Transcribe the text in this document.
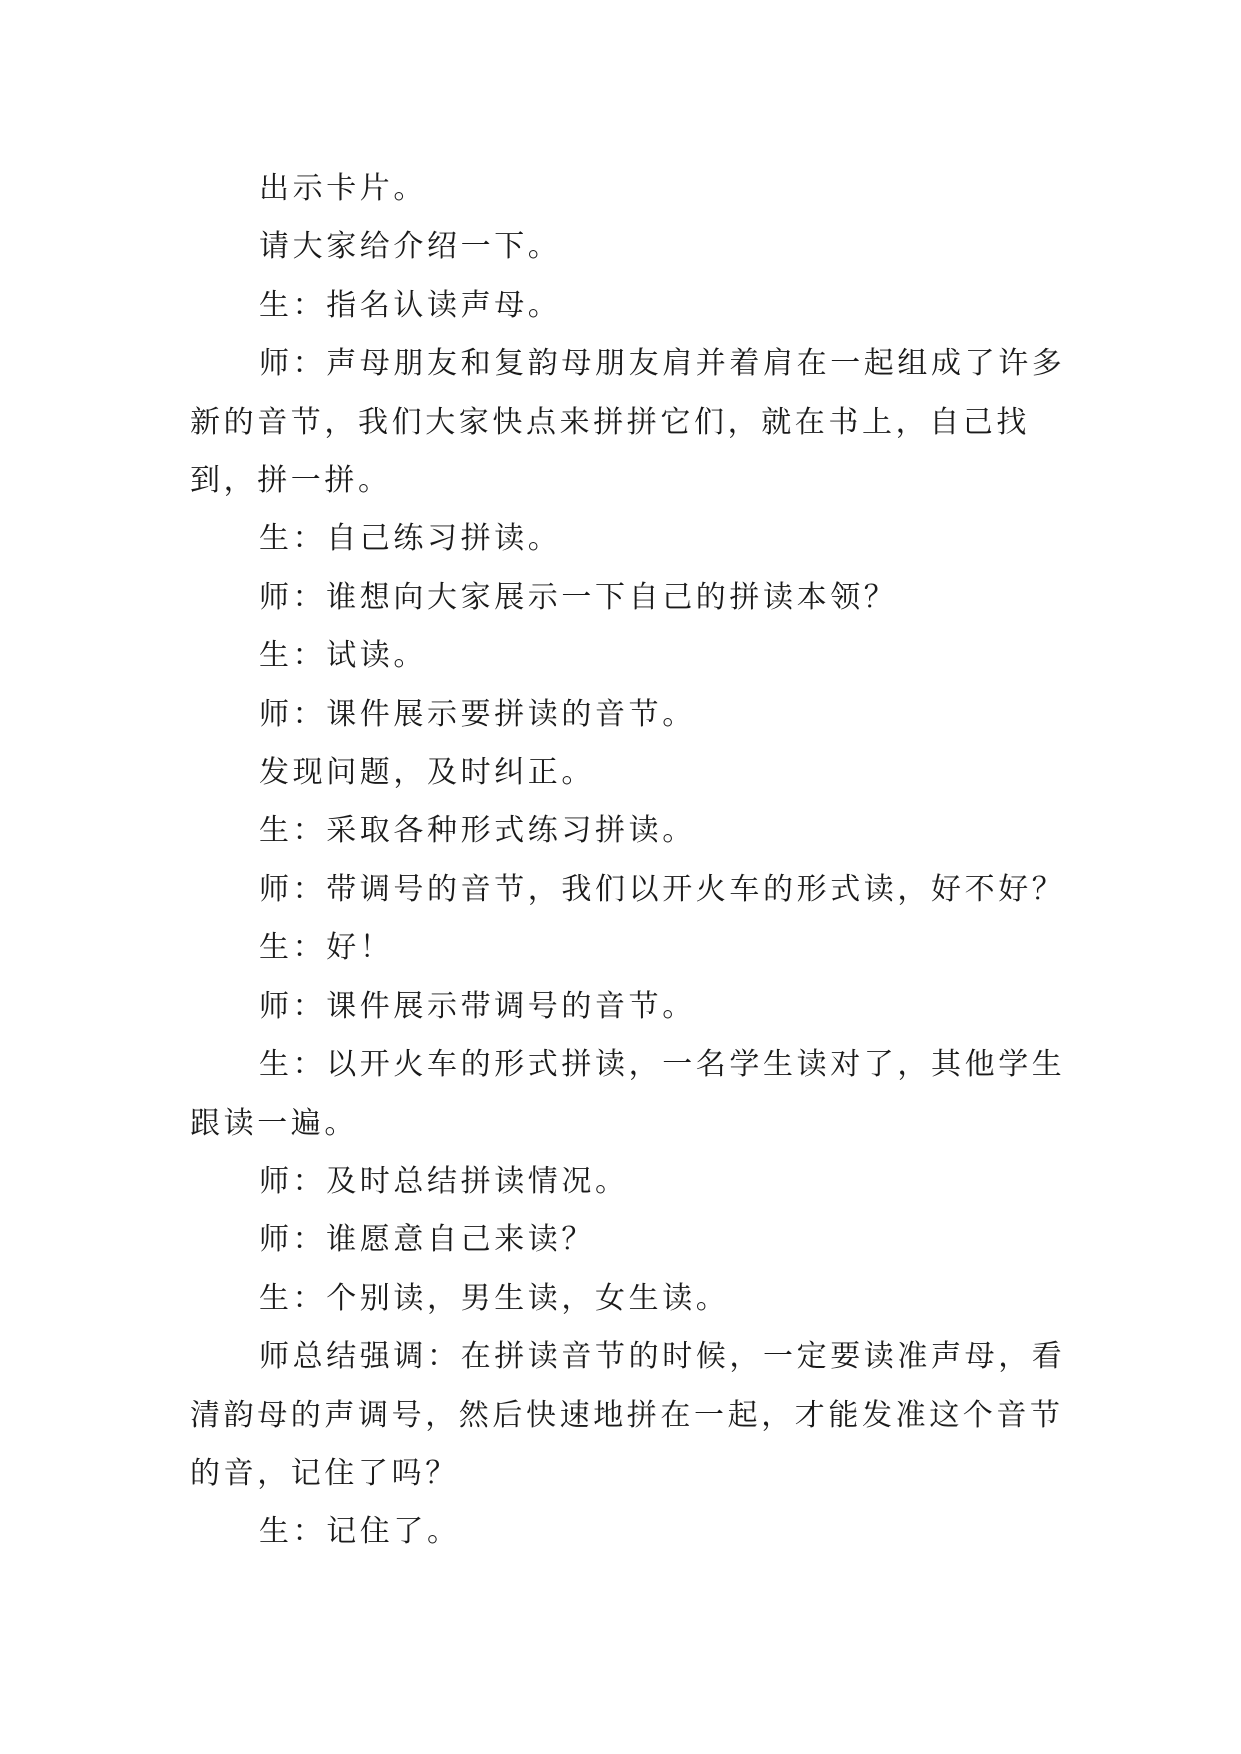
出示卡片。

请大家给介绍一下。

生：指名认读声母。

师：声母朋友和复韵母朋友肩并着肩在一起组成了许多新的音节，我们大家快点来拼拼它们，就在书上，自己找到，拼一拼。

生：自己练习拼读。

师：谁想向大家展示一下自己的拼读本领？

生：试读。

师：课件展示要拼读的音节。

发现问题，及时纠正。

生：采取各种形式练习拼读。

师：带调号的音节，我们以开火车的形式读，好不好？

生：好！

师：课件展示带调号的音节。

生：以开火车的形式拼读，一名学生读对了，其他学生跟读一遍。

师：及时总结拼读情况。

师：谁愿意自己来读？

生：个别读，男生读，女生读。

师总结强调：在拼读音节的时候，一定要读准声母，看清韵母的声调号，然后快速地拼在一起，才能发准这个音节的音，记住了吗？

生：记住了。
